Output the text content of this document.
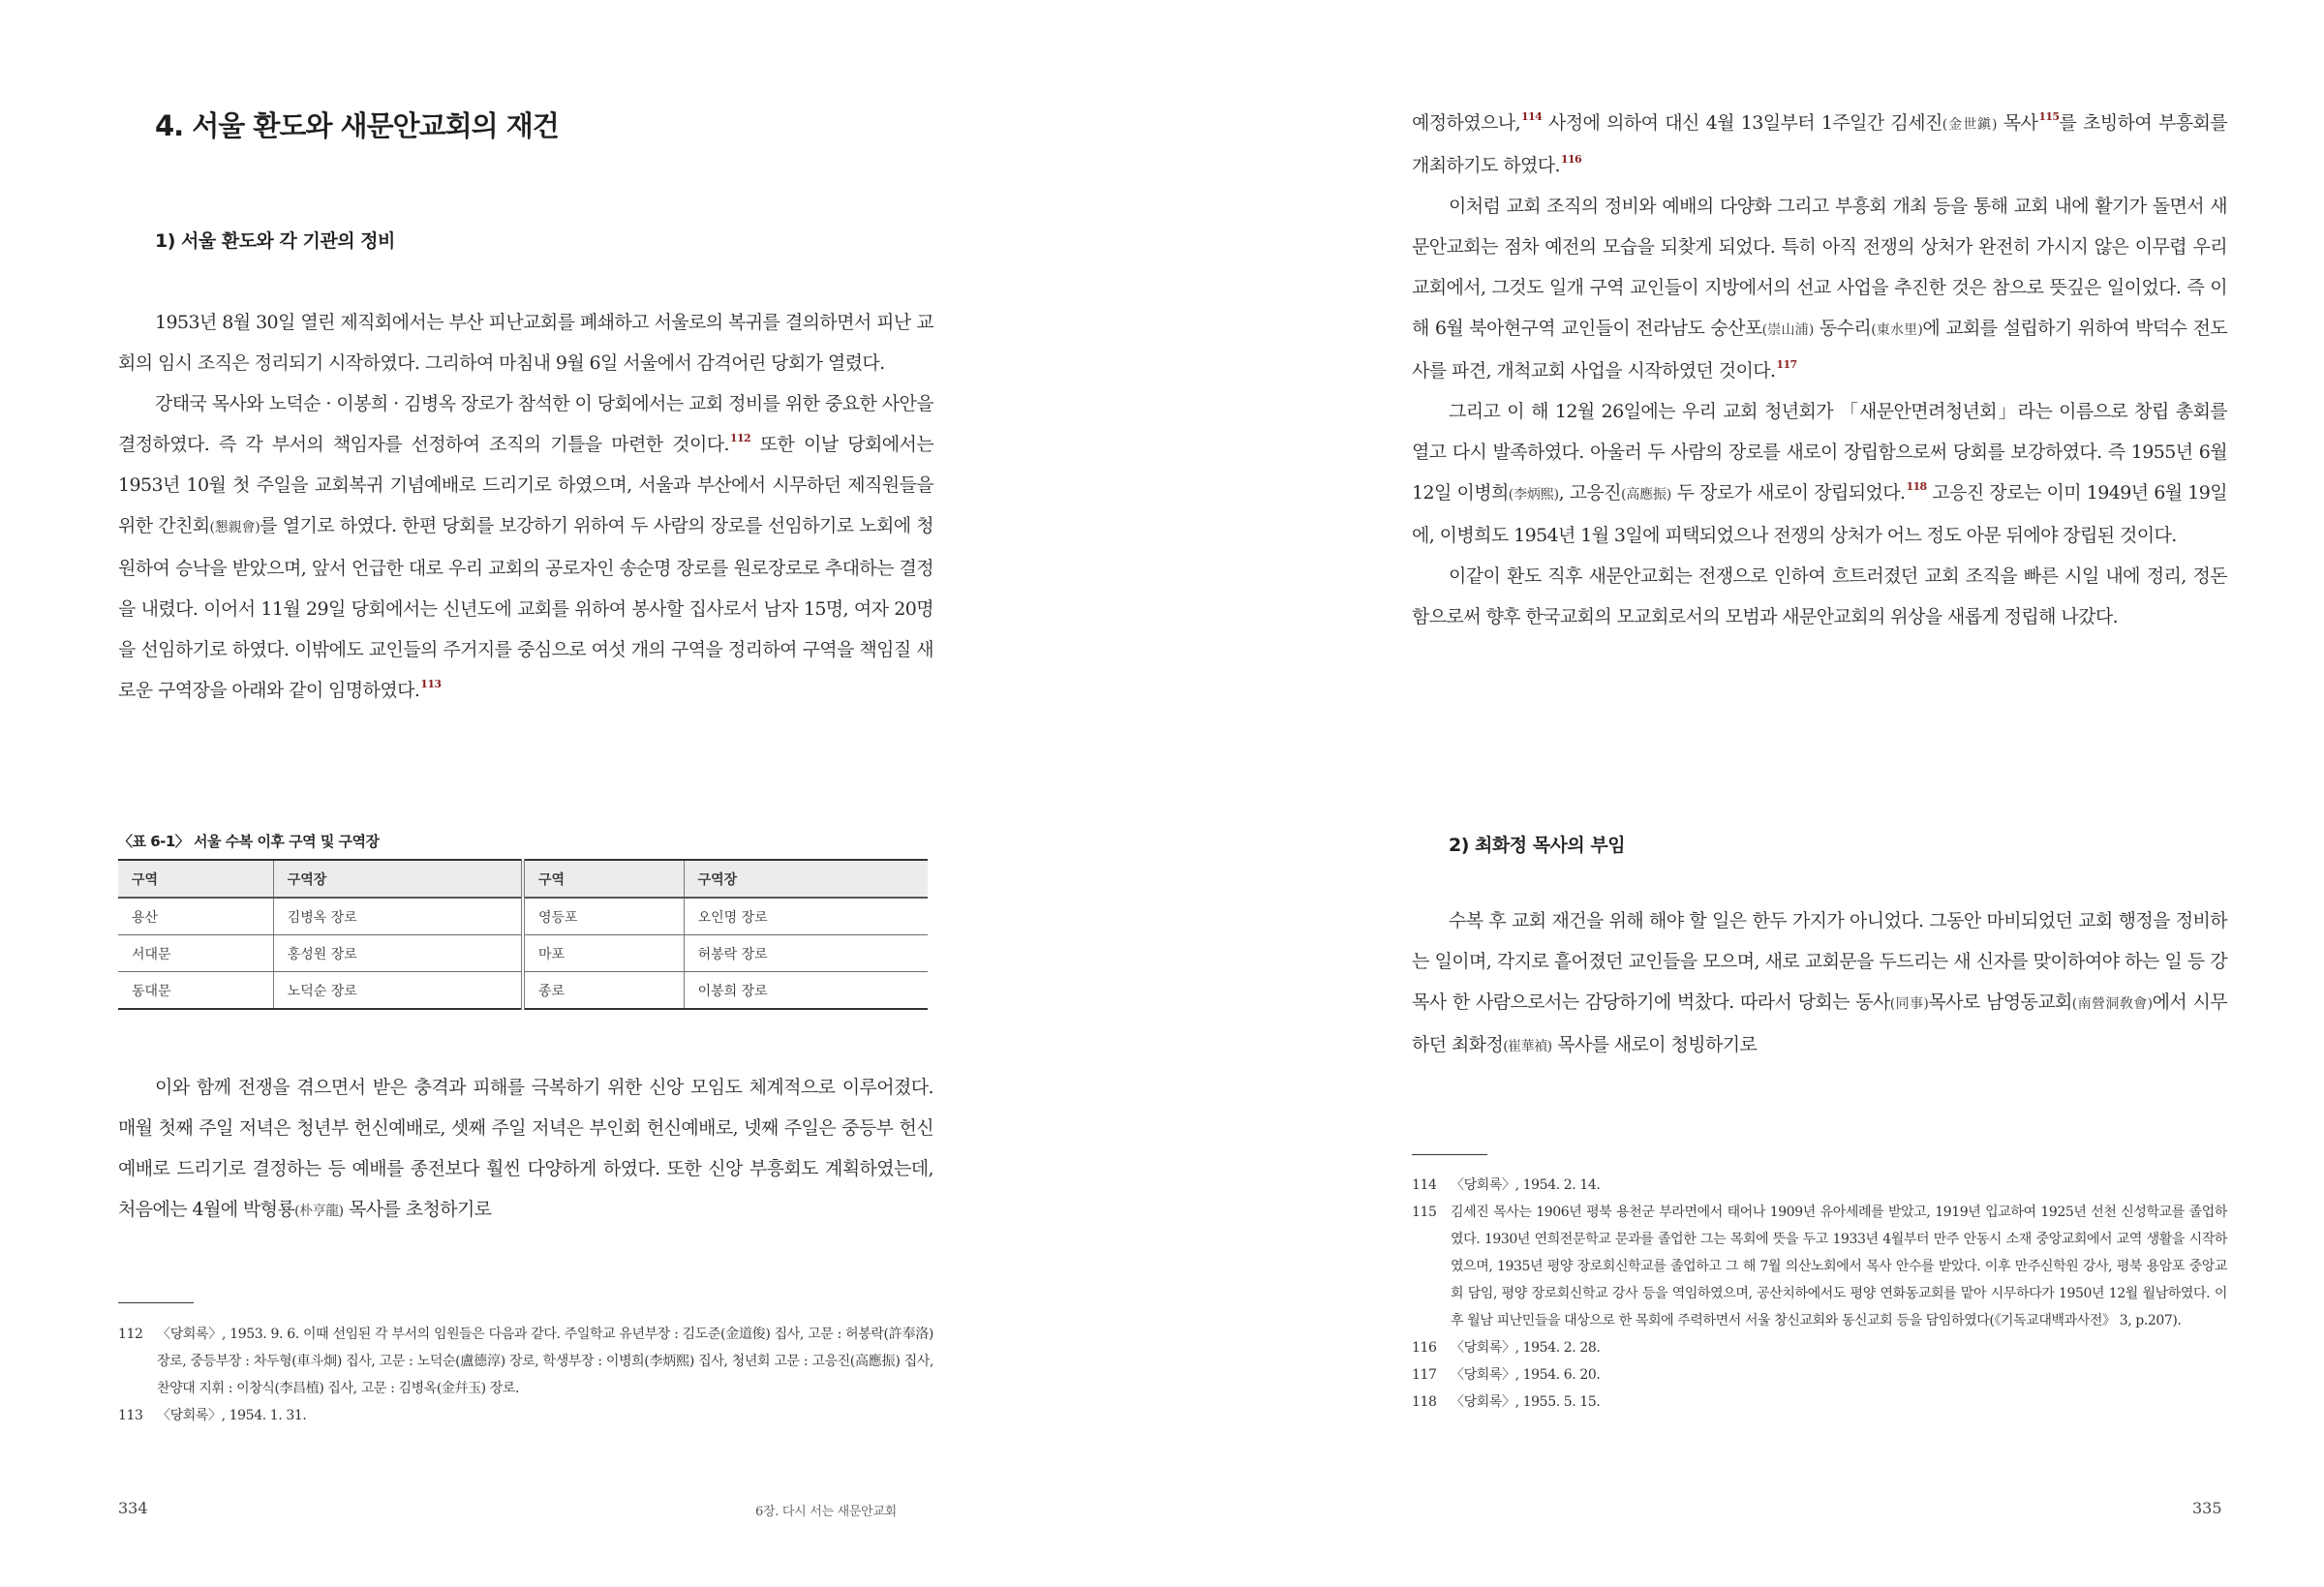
4. 서울 환도와 새문안교회의 재건
1) 서울 환도와 각 기관의 정비

1953년 8월 30일 열린 제직회에서는 부산 피난교회를 폐쇄하고 서울로의 복귀를 결의하면서 피난 교회의 임시 조직은 정리되기 시작하였다. 그리하여 마침내 9월 6일 서울에서 감격어린 당회가 열렸다.

강태국 목사와 노덕순 · 이봉희 · 김병옥 장로가 참석한 이 당회에서는 교회 정비를 위한 중요한 사안을 결정하였다. 즉 각 부서의 책임자를 선정하여 조직의 기틀을 마련한 것이다.$^{112}$ 또한 이날 당회에서는 1953년 10월 첫 주일을 교회복귀 기념예배로 드리기로 하였으며, 서울과 부산에서 시무하던 제직원들을 위한 간친회(懇親會)를 열기로 하였다. 한편 당회를 보강하기 위하여 두 사람의 장로를 선임하기로 노회에 청원하여 승낙을 받았으며, 앞서 언급한 대로 우리 교회의 공로자인 송순명 장로를 원로장로로 추대하는 결정을 내렸다. 이어서 11월 29일 당회에서는 신년도에 교회를 위하여 봉사할 집사로서 남자 15명, 여자 20명을 선임하기로 하였다. 이밖에도 교인들의 주거지를 중심으로 여섯 개의 구역을 정리하여 구역을 책임질 새로운 구역장을 아래와 같이 임명하였다.$^{113}$

〈표 6-1〉 서울 수복 이후 구역 및 구역장
구역	구역장	구역	구역장
용산	김병옥 장로	영등포	오인명 장로
서대문	홍성원 장로	마포	허봉락 장로
동대문	노덕순 장로	종로	이봉희 장로

이와 함께 전쟁을 겪으면서 받은 충격과 피해를 극복하기 위한 신앙 모임도 체계적으로 이루어졌다. 매월 첫째 주일 저녁은 청년부 헌신예배로, 셋째 주일 저녁은 부인회 헌신예배로, 넷째 주일은 중등부 헌신예배로 드리기로 결정하는 등 예배를 종전보다 훨씬 다양하게 하였다. 또한 신앙 부흥회도 계획하였는데, 처음에는 4월에 박형룡(朴亨龍) 목사를 초청하기로

112	〈당회록〉, 1953. 9. 6. 이때 선임된 각 부서의 임원들은 다음과 같다. 주일학교 유년부장 : 김도준(金道俊) 집사, 고문 : 허봉락(許奉洛) 장로, 중등부장 : 차두형(車斗炯) 집사, 고문 : 노덕순(盧德淳) 장로, 학생부장 : 이병희(李炳熙) 집사, 청년회 고문 : 고응진(高應振) 집사, 찬양대 지휘 : 이창식(李昌植) 집사, 고문 : 김병옥(金幷玉) 장로.
113	〈당회록〉, 1954. 1. 31.
334	6장. 다시 서는 새문안교회

예정하였으나,$^{114}$ 사정에 의하여 대신 4월 13일부터 1주일간 김세진(金世鎭) 목사$^{115}$를 초빙하여 부흥회를 개최하기도 하였다.$^{116}$

이처럼 교회 조직의 정비와 예배의 다양화 그리고 부흥회 개최 등을 통해 교회 내에 활기가 돌면서 새문안교회는 점차 예전의 모습을 되찾게 되었다. 특히 아직 전쟁의 상처가 완전히 가시지 않은 이무렵 우리 교회에서, 그것도 일개 구역 교인들이 지방에서의 선교 사업을 추진한 것은 참으로 뜻깊은 일이었다. 즉 이 해 6월 북아현구역 교인들이 전라남도 숭산포(崇山浦) 동수리(東水里)에 교회를 설립하기 위하여 박덕수 전도사를 파견, 개척교회 사업을 시작하였던 것이다.$^{117}$

그리고 이 해 12월 26일에는 우리 교회 청년회가 「새문안면려청년회」라는 이름으로 창립 총회를 열고 다시 발족하였다. 아울러 두 사람의 장로를 새로이 장립함으로써 당회를 보강하였다. 즉 1955년 6월 12일 이병희(李炳熙), 고응진(高應振) 두 장로가 새로이 장립되었다.$^{118}$ 고응진 장로는 이미 1949년 6월 19일에, 이병희도 1954년 1월 3일에 피택되었으나 전쟁의 상처가 어느 정도 아문 뒤에야 장립된 것이다.

이같이 환도 직후 새문안교회는 전쟁으로 인하여 흐트러졌던 교회 조직을 빠른 시일 내에 정리, 정돈함으로써 향후 한국교회의 모교회로서의 모범과 새문안교회의 위상을 새롭게 정립해 나갔다.

2) 최화정 목사의 부임

수복 후 교회 재건을 위해 해야 할 일은 한두 가지가 아니었다. 그동안 마비되었던 교회 행정을 정비하는 일이며, 각지로 흩어졌던 교인들을 모으며, 새로 교회문을 두드리는 새 신자를 맞이하여야 하는 일 등 강 목사 한 사람으로서는 감당하기에 벅찼다. 따라서 당회는 동사(同事)목사로 남영동교회(南營洞敎會)에서 시무하던 최화정(崔華禎) 목사를 새로이 청빙하기로

114	〈당회록〉, 1954. 2. 14.
115	김세진 목사는 1906년 평북 용천군 부라면에서 태어나 1909년 유아세례를 받았고, 1919년 입교하여 1925년 선천 신성학교를 졸업하였다. 1930년 연희전문학교 문과를 졸업한 그는 목회에 뜻을 두고 1933년 4월부터 만주 안동시 소재 중앙교회에서 교역 생활을 시작하였으며, 1935년 평양 장로회신학교를 졸업하고 그 해 7월 의산노회에서 목사 안수를 받았다. 이후 만주신학원 강사, 평북 용암포 중앙교회 담임, 평양 장로회신학교 강사 등을 역임하였으며, 공산치하에서도 평양 연화동교회를 맡아 시무하다가 1950년 12월 월남하였다. 이후 월남 피난민들을 대상으로 한 목회에 주력하면서 서울 창신교회와 동신교회 등을 담임하였다(《기독교대백과사전》 3, p.207).
116	〈당회록〉, 1954. 2. 28.
117	〈당회록〉, 1954. 6. 20.
118	〈당회록〉, 1955. 5. 15.
335
